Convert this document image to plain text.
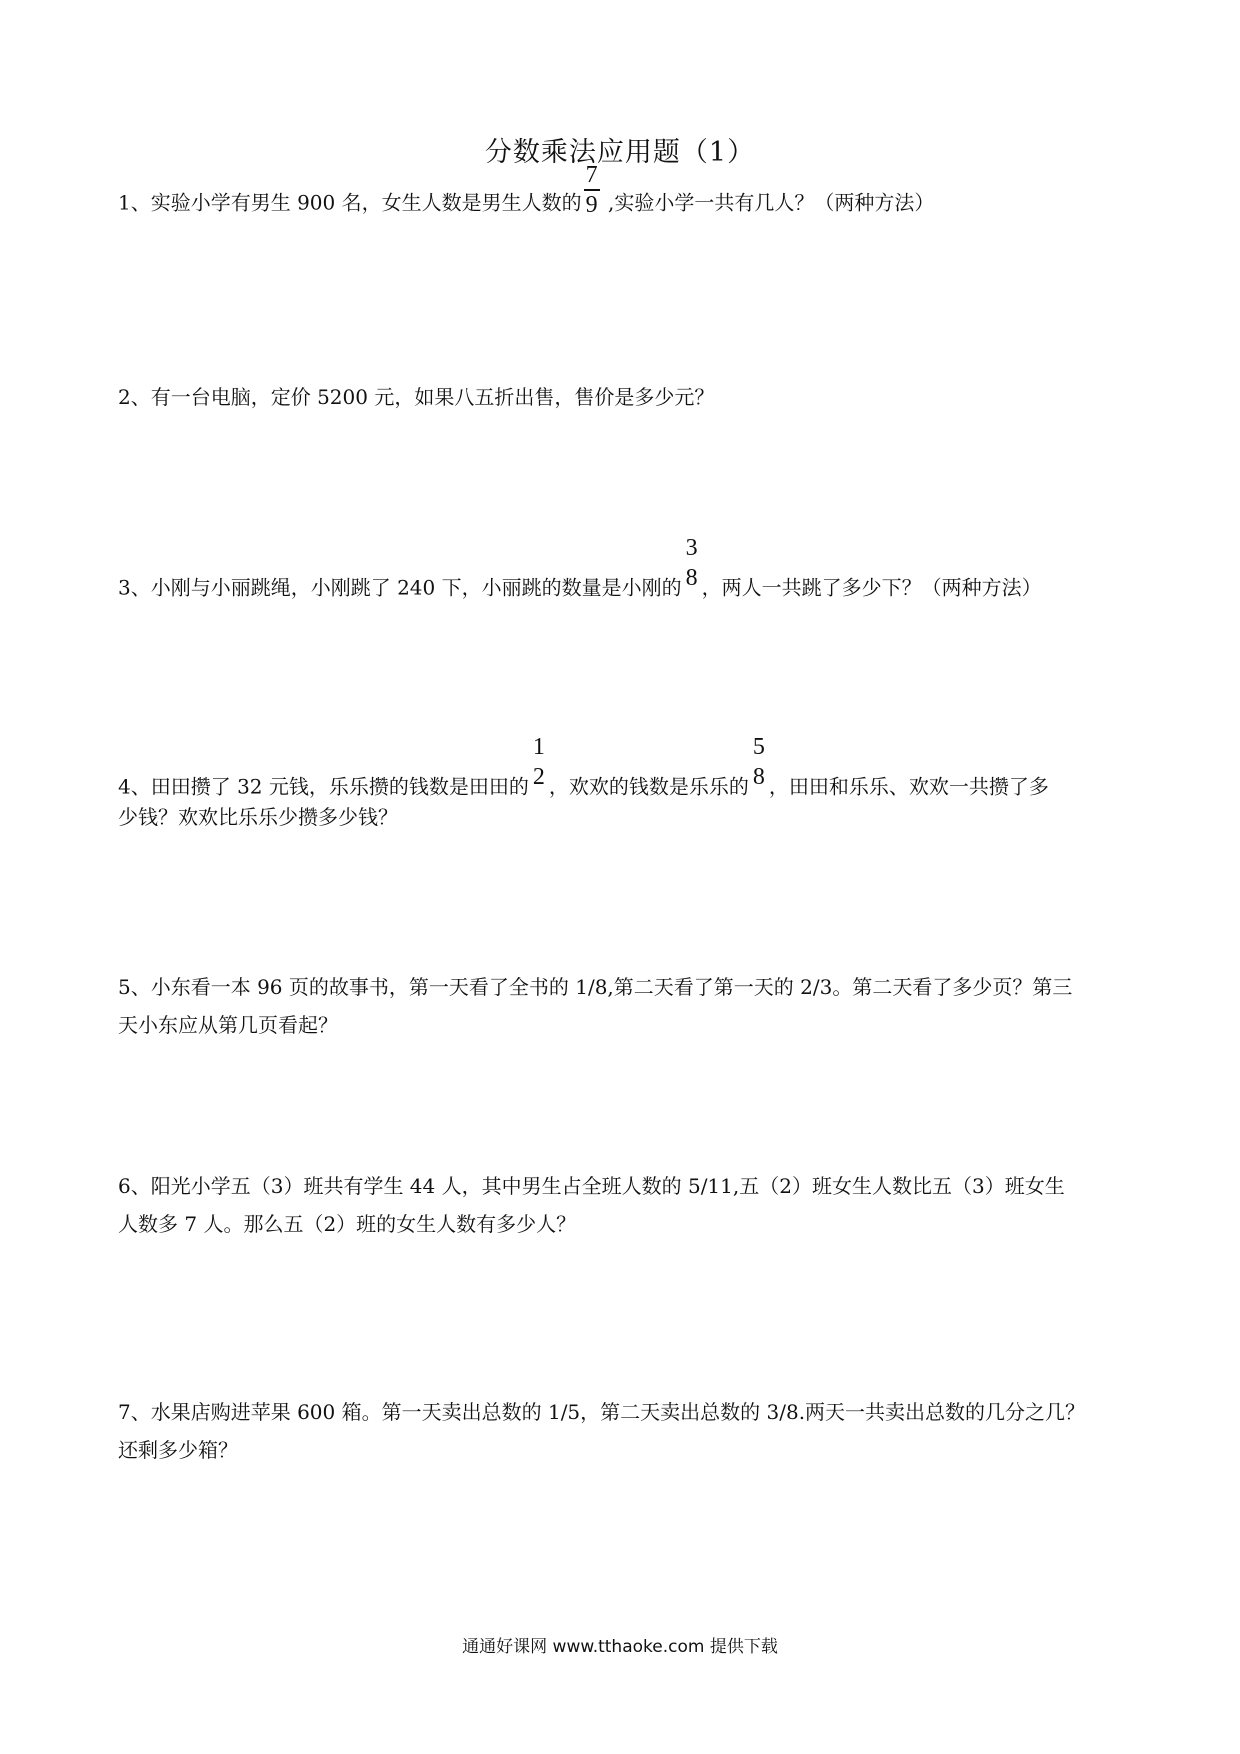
分数乘法应用题（1）
1、实验小学有男生 900 名，女生人数是男生人数的 $\frac{7}{9}$ ,实验小学一共有几人？（两种方法）
2、有一台电脑，定价 5200 元，如果八五折出售，售价是多少元？
3、小刚与小丽跳绳，小刚跳了 240 下，小丽跳的数量是小刚的
3
8 ，两人一共跳了多少下？（两种方法）
4、田田攒了 32 元钱，乐乐攒的钱数是田田的
1
2 ，欢欢的钱数是乐乐的
5
8 ，田田和乐乐、欢欢一共攒了多
少钱？欢欢比乐乐少攒多少钱？
5、小东看一本 96 页的故事书，第一天看了全书的 1/8,第二天看了第一天的 2/3。第二天看了多少页？第三
天小东应从第几页看起？
6、阳光小学五（3）班共有学生 44 人，其中男生占全班人数的 5/11,五（2）班女生人数比五（3）班女生
人数多 7 人。那么五（2）班的女生人数有多少人？
7、水果店购进苹果 600 箱。第一天卖出总数的 1/5，第二天卖出总数的 3/8.两天一共卖出总数的几分之几？
还剩多少箱？
通通好课网 www.tthaoke.com 提供下载
